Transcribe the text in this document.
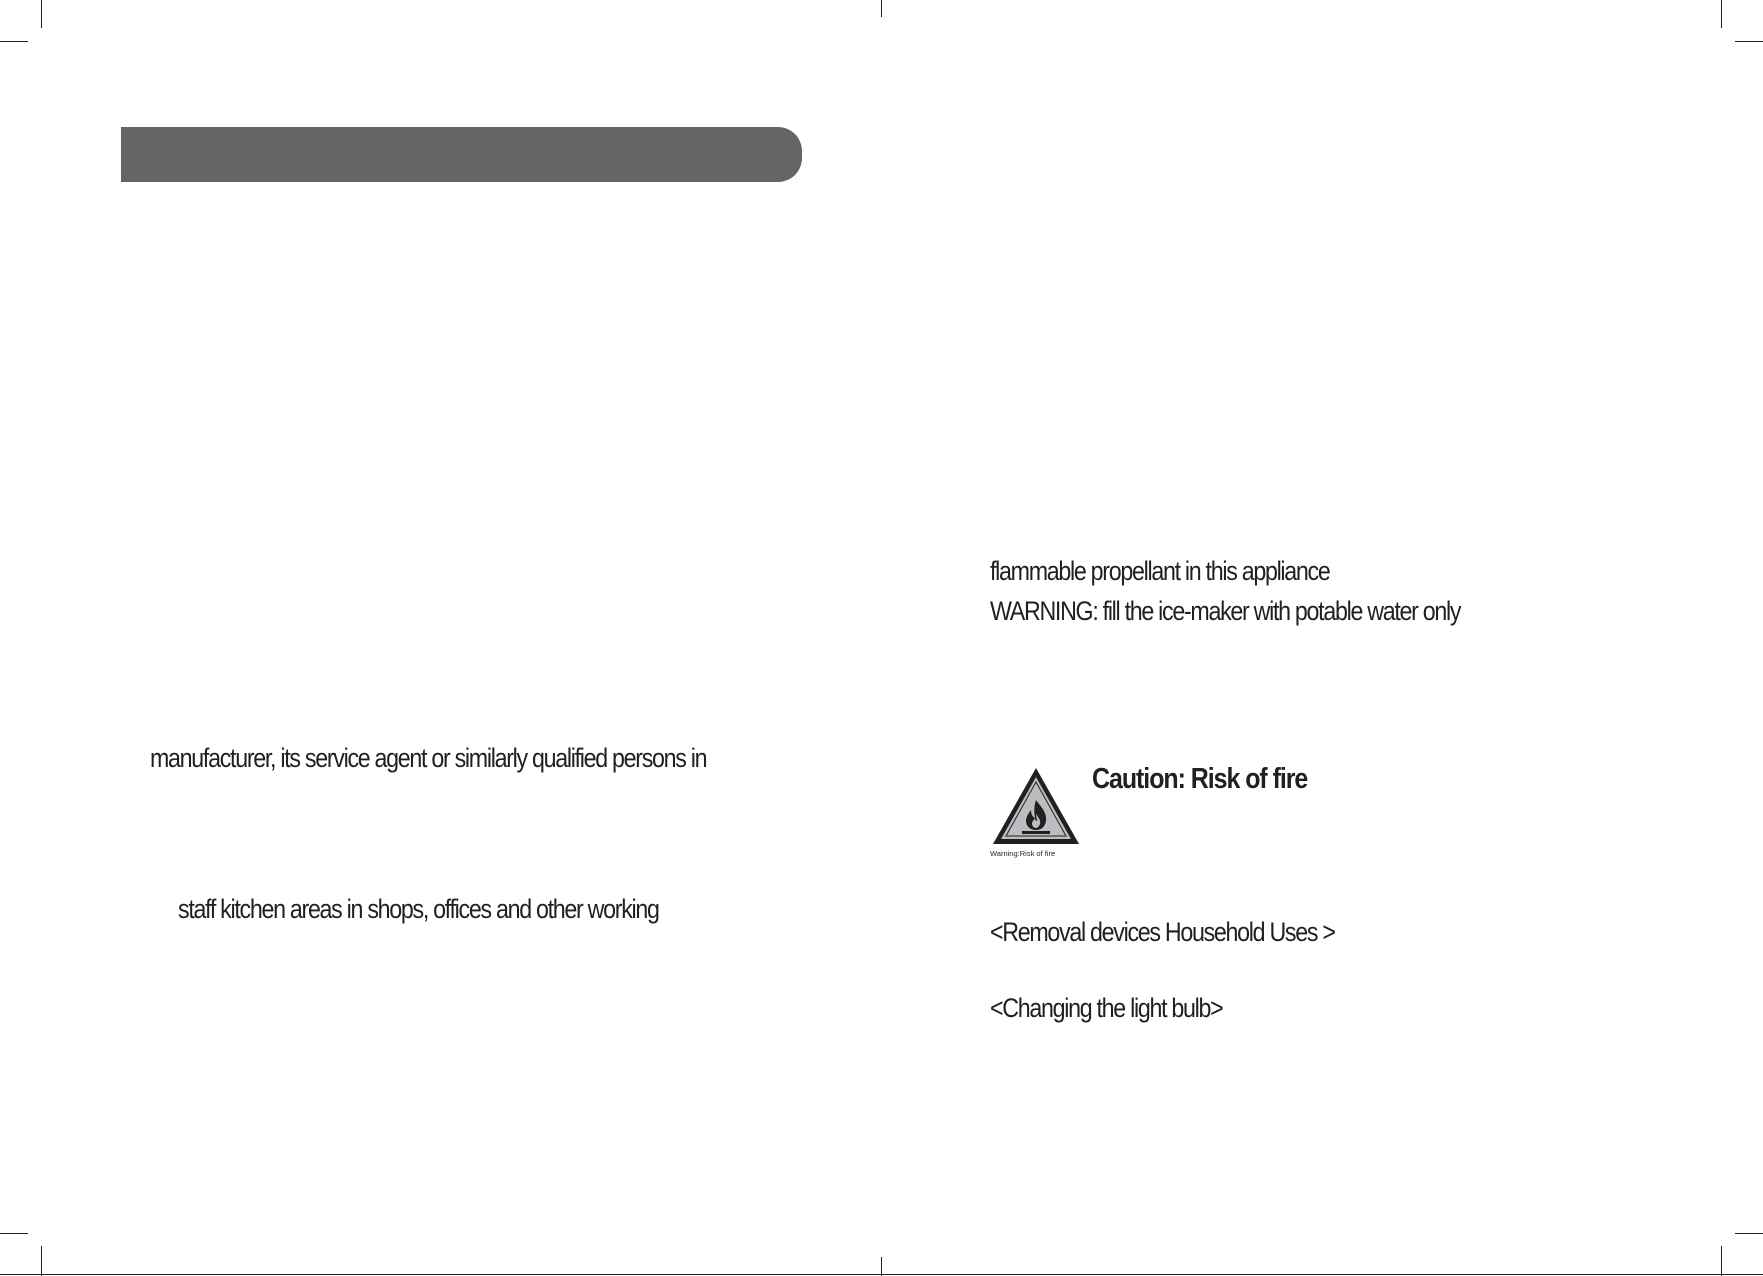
manufacturer, its service agent or similarly qualified persons in
staff kitchen areas in shops, offices and other working
flammable propellant in this appliance
WARNING: fill the ice-maker with potable water only
Warning:Risk of fire
Caution: Risk of fire
<Removal devices Household Uses >
<Changing the light bulb>
